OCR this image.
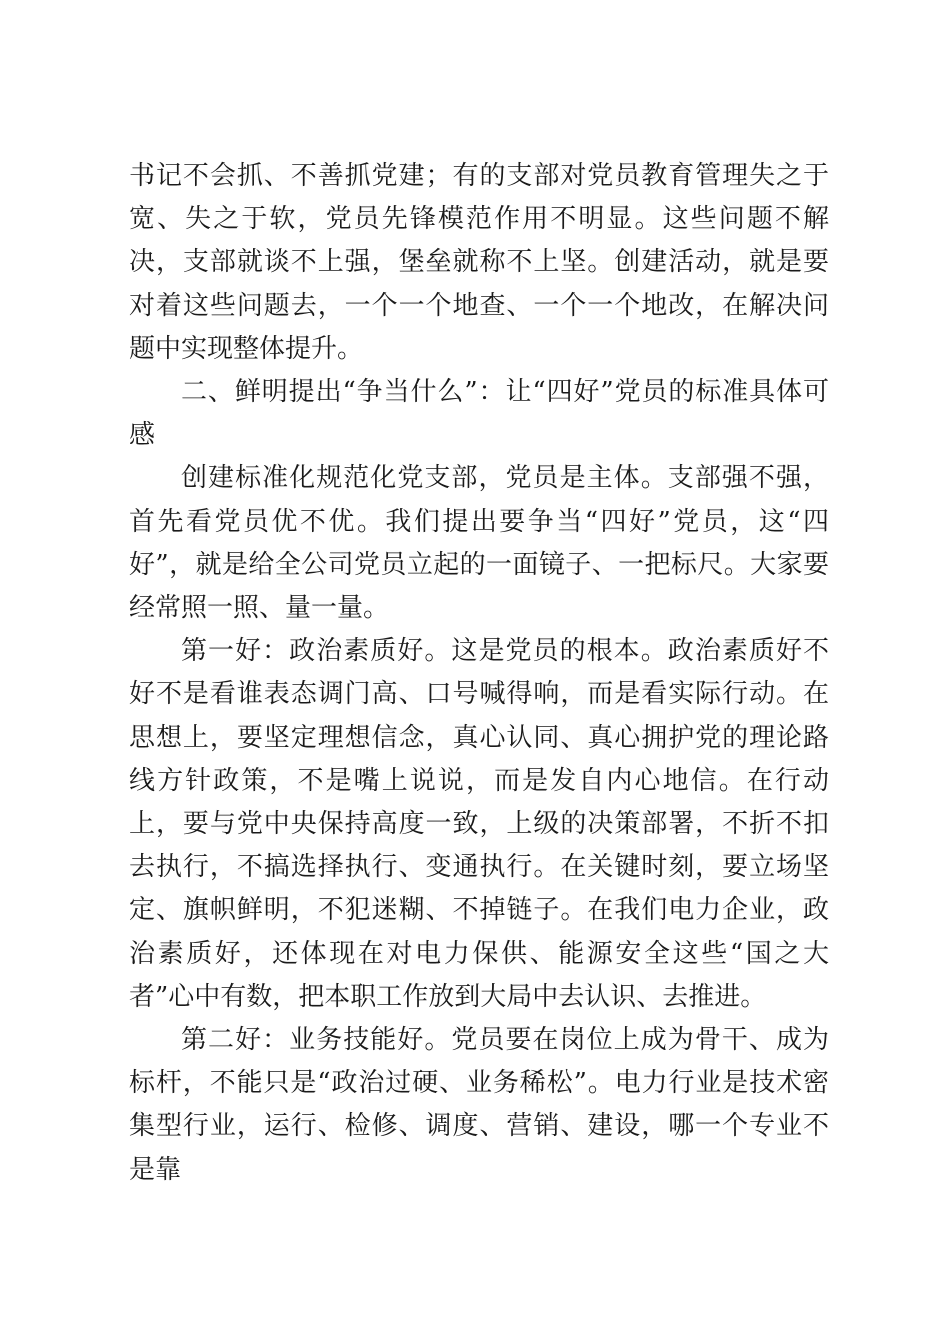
书记不会抓、不善抓党建；有的支部对党员教育管理失之于宽、失之于软，党员先锋模范作用不明显。这些问题不解决，支部就谈不上强，堡垒就称不上坚。创建活动，就是要对着这些问题去，一个一个地查、一个一个地改，在解决问题中实现整体提升。

二、鲜明提出“争当什么”：让“四好”党员的标准具体可感

创建标准化规范化党支部，党员是主体。支部强不强，首先看党员优不优。我们提出要争当“四好”党员，这“四好”，就是给全公司党员立起的一面镜子、一把标尺。大家要经常照一照、量一量。

第一好：政治素质好。这是党员的根本。政治素质好不好不是看谁表态调门高、口号喊得响，而是看实际行动。在思想上，要坚定理想信念，真心认同、真心拥护党的理论路线方针政策，不是嘴上说说，而是发自内心地信。在行动上，要与党中央保持高度一致，上级的决策部署，不折不扣去执行，不搞选择执行、变通执行。在关键时刻，要立场坚定、旗帜鲜明，不犯迷糊、不掉链子。在我们电力企业，政治素质好，还体现在对电力保供、能源安全这些“国之大者”心中有数，把本职工作放到大局中去认识、去推进。

第二好：业务技能好。党员要在岗位上成为骨干、成为标杆，不能只是“政治过硬、业务稀松”。电力行业是技术密集型行业，运行、检修、调度、营销、建设，哪一个专业不是靠
